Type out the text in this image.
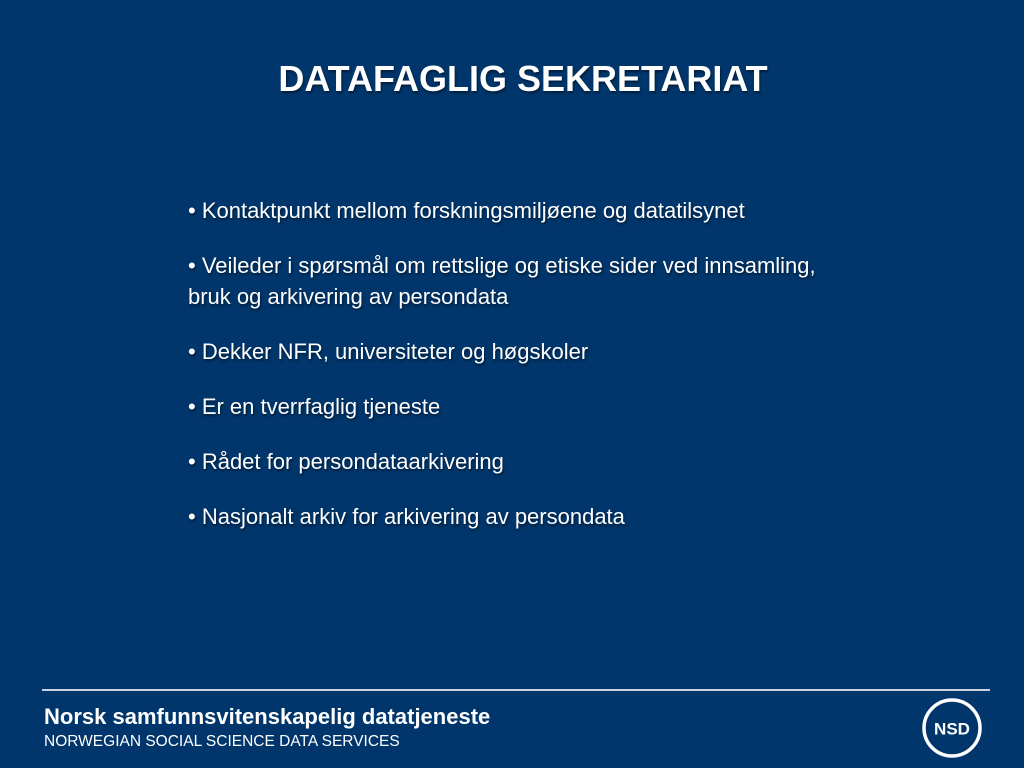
DATAFAGLIG SEKRETARIAT
• Kontaktpunkt mellom forskningsmiljøene og datatilsynet
• Veileder i spørsmål om rettslige og etiske sider ved innsamling,   bruk og arkivering av persondata
• Dekker NFR, universiteter og høgskoler
• Er en tverrfaglig tjeneste
• Rådet for persondataarkivering
• Nasjonalt arkiv for arkivering av persondata
Norsk samfunnsvitenskapelig datatjeneste
NORWEGIAN SOCIAL SCIENCE DATA SERVICES
NSD
